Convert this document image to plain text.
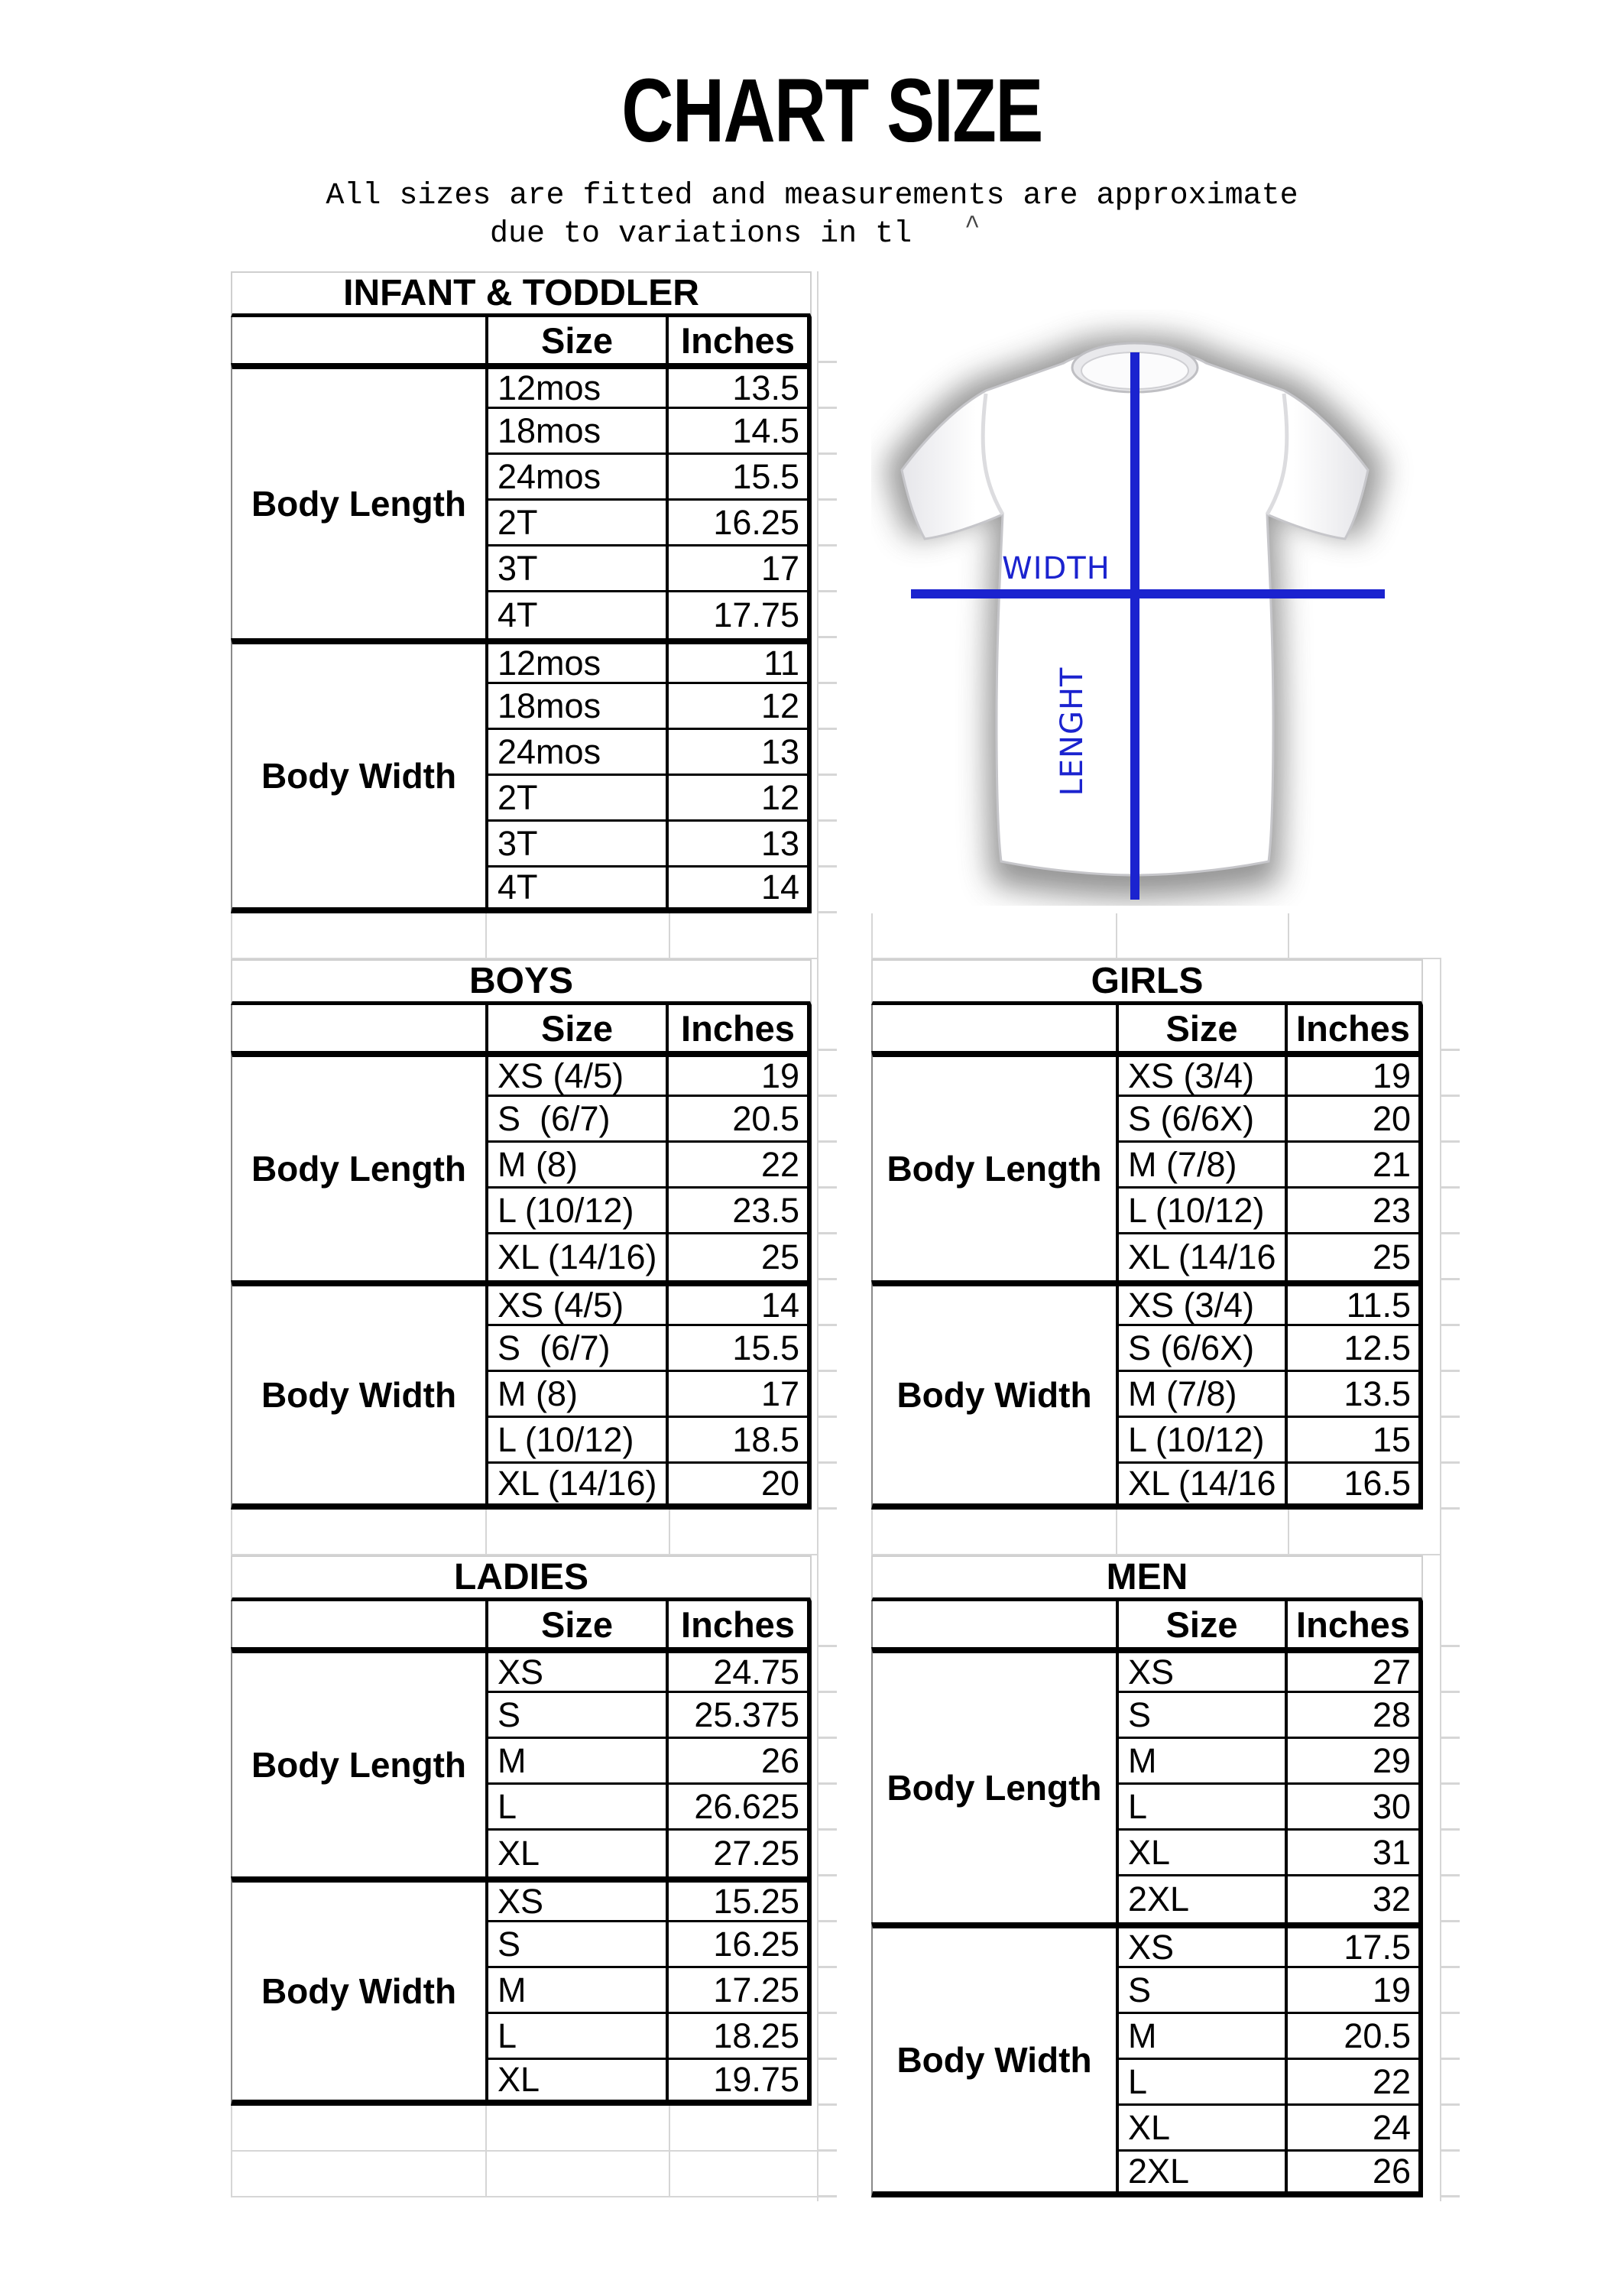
CHART SIZE
All sizes are fitted and measurements are approximate
due to variations in tl ^
WIDTH
LENGHT
INFANT & TODDLER
Size	Inches
Body Length
12mos	13.5
18mos	14.5
24mos	15.5
2T	16.25
3T	17
4T	17.75
Body Width
12mos	11
18mos	12
24mos	13
2T	12
3T	13
4T	14
BOYS
Size	Inches
Body Length
XS (4/5)	19
S  (6/7)	20.5
M (8)	22
L (10/12)	23.5
XL (14/16)	25
Body Width
XS (4/5)	14
S  (6/7)	15.5
M (8)	17
L (10/12)	18.5
XL (14/16)	20
GIRLS
Size	Inches
Body Length
XS (3/4)	19
S (6/6X)	20
M (7/8)	21
L (10/12)	23
XL (14/16	25
Body Width
XS (3/4)	11.5
S (6/6X)	12.5
M (7/8)	13.5
L (10/12)	15
XL (14/16	16.5
LADIES
Size	Inches
Body Length
XS	24.75
S	25.375
M	26
L	26.625
XL	27.25
Body Width
XS	15.25
S	16.25
M	17.25
L	18.25
XL	19.75
MEN
Size	Inches
Body Length
XS	27
S	28
M	29
L	30
XL	31
2XL	32
Body Width
XS	17.5
S	19
M	20.5
L	22
XL	24
2XL	26
